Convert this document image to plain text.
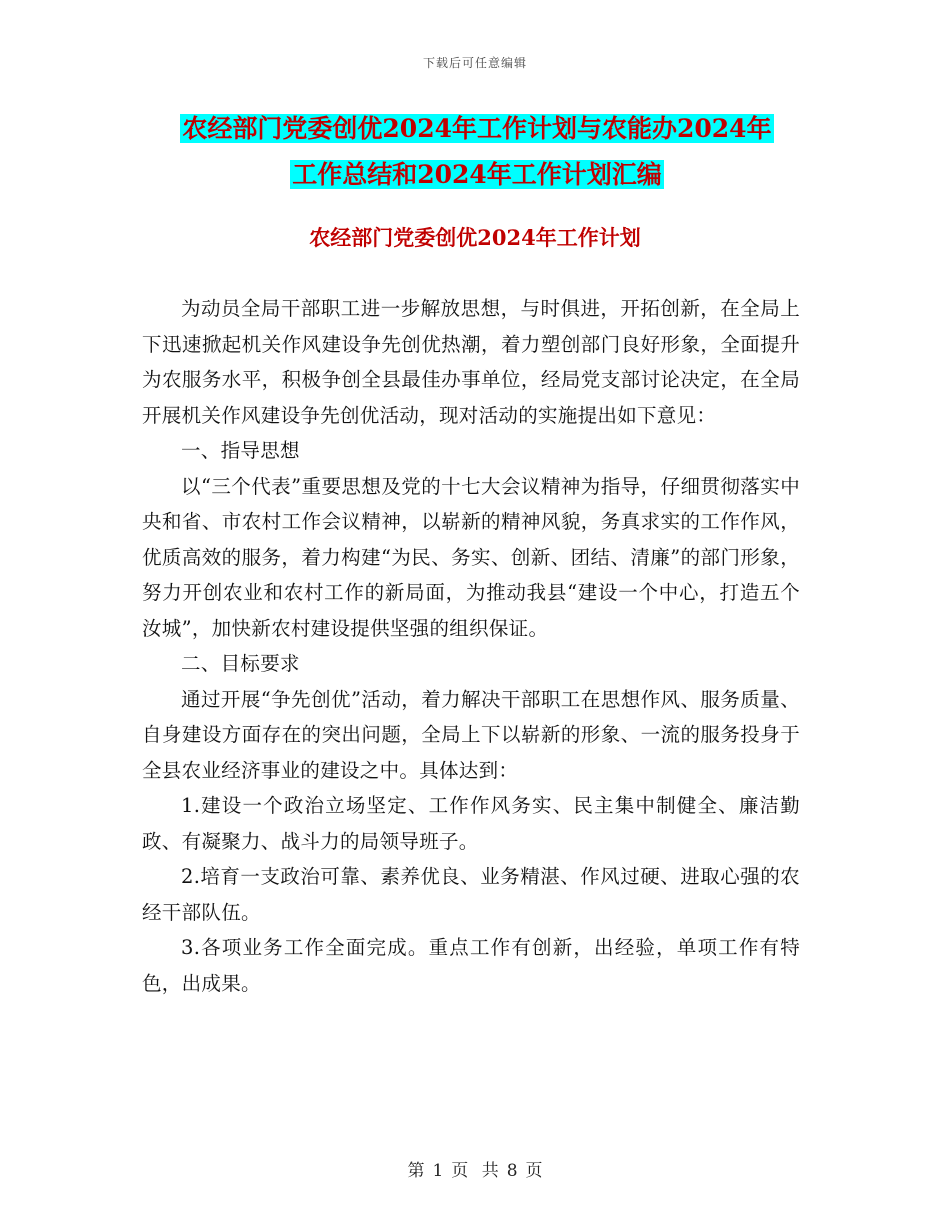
下载后可任意编辑
农经部门党委创优2024年工作计划与农能办2024年
工作总结和2024年工作计划汇编
农经部门党委创优2024年工作计划

为动员全局干部职工进一步解放思想，与时俱进，开拓创新，在全局上下迅速掀起机关作风建设争先创优热潮，着力塑创部门良好形象，全面提升为农服务水平，积极争创全县最佳办事单位，经局党支部讨论决定，在全局开展机关作风建设争先创优活动，现对活动的实施提出如下意见：

一、指导思想

以“三个代表”重要思想及党的十七大会议精神为指导，仔细贯彻落实中央和省、市农村工作会议精神，以崭新的精神风貌，务真求实的工作作风，优质高效的服务，着力构建“为民、务实、创新、团结、清廉”的部门形象，努力开创农业和农村工作的新局面，为推动我县“建设一个中心，打造五个汝城”，加快新农村建设提供坚强的组织保证。

二、目标要求

通过开展“争先创优”活动，着力解决干部职工在思想作风、服务质量、自身建设方面存在的突出问题，全局上下以崭新的形象、一流的服务投身于全县农业经济事业的建设之中。具体达到：

1.建设一个政治立场坚定、工作作风务实、民主集中制健全、廉洁勤政、有凝聚力、战斗力的局领导班子。

2.培育一支政治可靠、素养优良、业务精湛、作风过硬、进取心强的农经干部队伍。

3.各项业务工作全面完成。重点工作有创新，出经验，单项工作有特色，出成果。

第 1 页 共 8 页
